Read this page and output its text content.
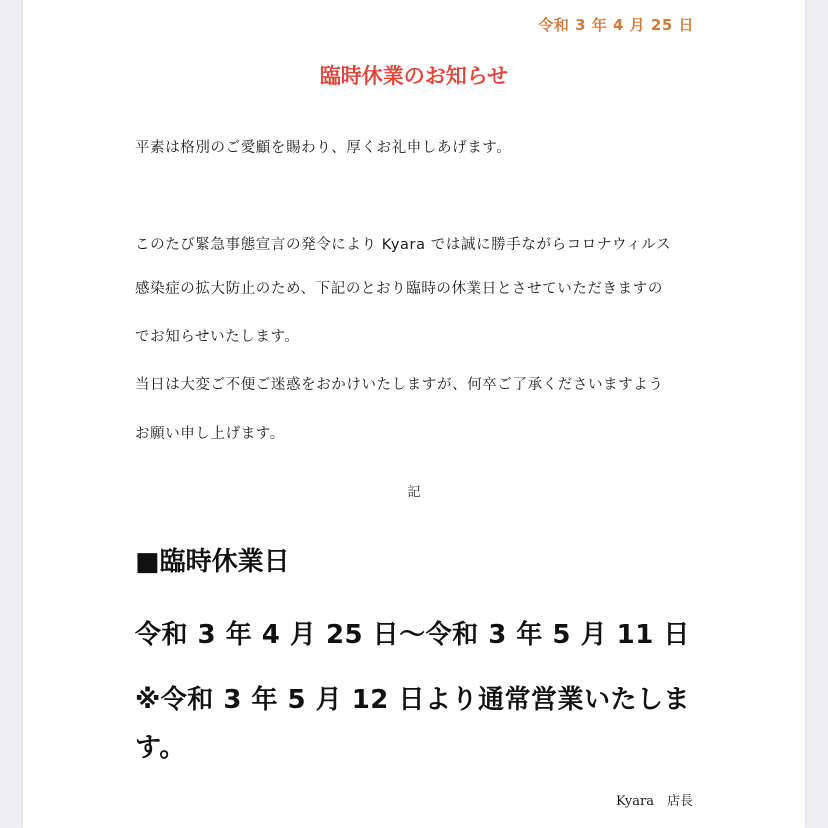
令和 3 年 4 月 25 日
臨時休業のお知らせ
平素は格別のご愛顧を賜わり、厚くお礼申しあげます。
このたび緊急事態宣言の発令により Kyara では誠に勝手ながらコロナウィルス
感染症の拡大防止のため、下記のとおり臨時の休業日とさせていただきますの
でお知らせいたします。
当日は大変ご不便ご迷惑をおかけいたしますが、何卒ご了承くださいますよう
お願い申し上げます。
記
■臨時休業日
令和 3 年 4 月 25 日～令和 3 年 5 月 11 日
※令和 3 年 5 月 12 日より通常営業いたします。
Kyara　店長
